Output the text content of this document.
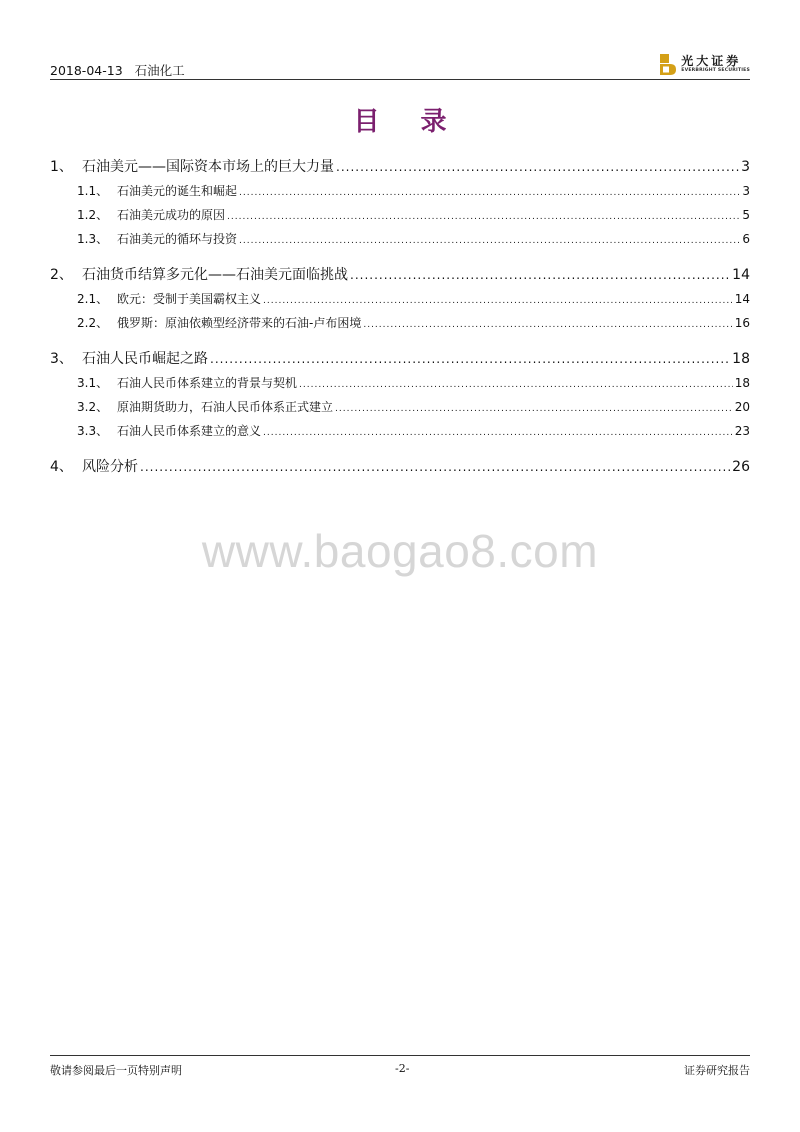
2018-04-13 石油化工
光大证券
EVERBRIGHT SECURITIES
目 录
1、 石油美元——国际资本市场上的巨大力量 .....	3
1.1、 石油美元的诞生和崛起 .....	3
1.2、 石油美元成功的原因 .....	5
1.3、 石油美元的循环与投资 .....	6
2、 石油货币结算多元化——石油美元面临挑战 .....	14
2.1、 欧元：受制于美国霸权主义 .....	14
2.2、 俄罗斯：原油依赖型经济带来的石油-卢布困境 .....	16
3、 石油人民币崛起之路 .....	18
3.1、 石油人民币体系建立的背景与契机 .....	18
3.2、 原油期货助力，石油人民币体系正式建立 .....	20
3.3、 石油人民币体系建立的意义 .....	23
4、 风险分析 .....	26
www.baogao8.com
敬请参阅最后一页特别声明	-2-	证券研究报告
